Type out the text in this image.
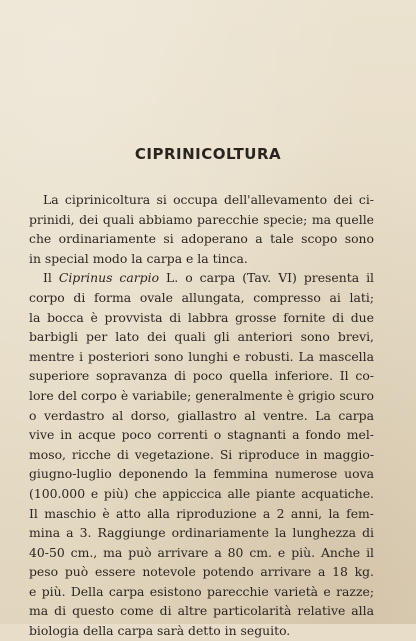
CIPRINICOLTURA
La ciprinicoltura si occupa dell'allevamento dei ci-
prinidi, dei quali abbiamo parecchie specie; ma quelle
che ordinariamente si adoperano a tale scopo sono
in special modo la carpa e la tinca.
Il Ciprinus carpio L. o carpa (Tav. VI) presenta il
corpo di forma ovale allungata, compresso ai lati;
la bocca è provvista di labbra grosse fornite di due
barbigli per lato dei quali gli anteriori sono brevi,
mentre i posteriori sono lunghi e robusti. La mascella
superiore sopravanza di poco quella inferiore. Il co-
lore del corpo è variabile; generalmente è grigio scuro
o verdastro al dorso, giallastro al ventre. La carpa
vive in acque poco correnti o stagnanti a fondo mel-
moso, ricche di vegetazione. Si riproduce in maggio-
giugno-luglio deponendo la femmina numerose uova
(100.000 e più) che appiccica alle piante acquatiche.
Il maschio è atto alla riproduzione a 2 anni, la fem-
mina a 3. Raggiunge ordinariamente la lunghezza di
40-50 cm., ma può arrivare a 80 cm. e più. Anche il
peso può essere notevole potendo arrivare a 18 kg.
e più. Della carpa esistono parecchie varietà e razze;
ma di questo come di altre particolarità relative alla
biologia della carpa sarà detto in seguito.
